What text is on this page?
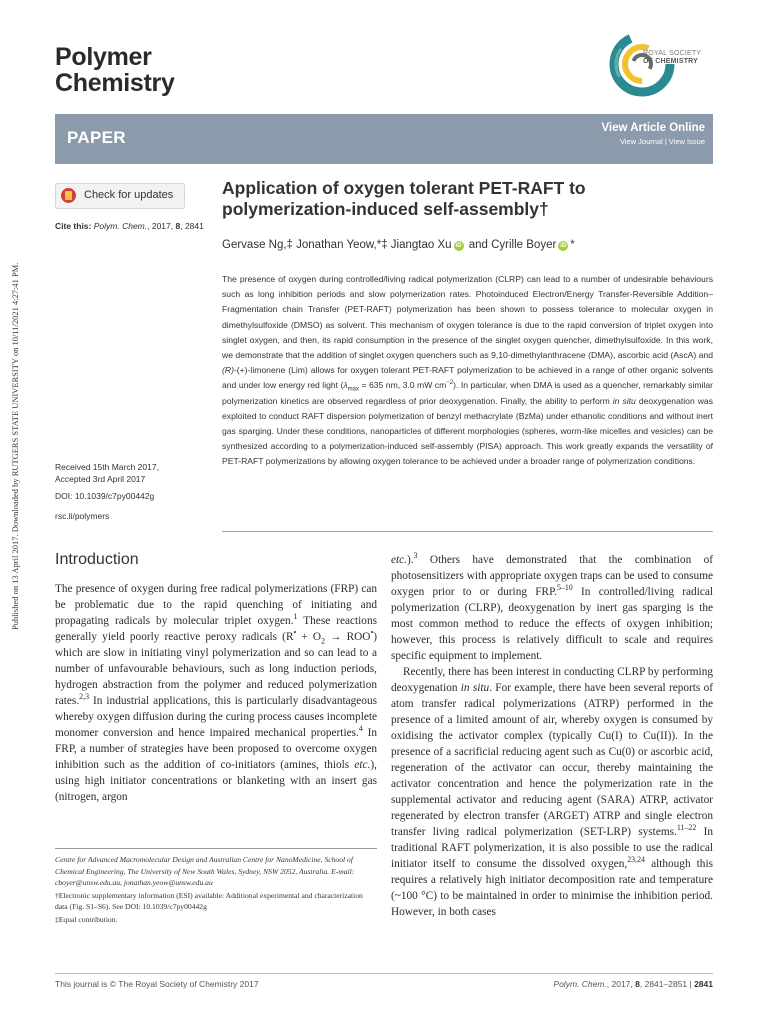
Published on 13 April 2017. Downloaded by RUTGERS STATE UNIVERSITY on 10/11/2021 4:27:41 PM.
Polymer
Chemistry
ROYAL SOCIETY
OF CHEMISTRY
PAPER	View Article Online
View Journal | View Issue
Check for updates
Cite this: Polym. Chem., 2017, 8, 2841
Received 15th March 2017,
Accepted 3rd April 2017
DOI: 10.1039/c7py00442g
rsc.li/polymers
Application of oxygen tolerant PET-RAFT to
polymerization-induced self-assembly†
Gervase Ng,‡ Jonathan Yeow,*‡ Jiangtao Xu iD and Cyrille Boyer iD *
The presence of oxygen during controlled/living radical polymerization (CLRP) can lead to a number of undesirable behaviours such as long inhibition periods and slow polymerization rates. Photoinduced Electron/Energy Transfer-Reversible Addition–Fragmentation chain Transfer (PET-RAFT) polymerization has been shown to possess tolerance to molecular oxygen in dimethylsulfoxide (DMSO) as solvent. This mechanism of oxygen tolerance is due to the rapid conversion of triplet oxygen into singlet oxygen, and then, its rapid consumption in the presence of the singlet oxygen quencher, dimethylsulfoxide. In this work, we demonstrate that the addition of singlet oxygen quenchers such as 9,10-dimethylanthracene (DMA), ascorbic acid (AscA) and (R)-(+)-limonene (Lim) allows for oxygen tolerant PET-RAFT polymerization to be achieved in a range of other organic solvents and under low energy red light ($\lambda_{max} = 635$ nm, 3.0 mW $cm^{-2}$). In particular, when DMA is used as a quencher, remarkably similar polymerization kinetics are observed regardless of prior deoxygenation. Finally, the ability to perform in situ deoxygenation was exploited to conduct RAFT dispersion polymerization of benzyl methacrylate (BzMa) under ethanolic conditions and without inert gas sparging. Under these conditions, nanoparticles of different morphologies (spheres, worm-like micelles and vesicles) can be synthesized according to a polymerization-induced self-assembly (PISA) approach. This work greatly expands the versatility of PET-RAFT polymerizations by allowing oxygen tolerance to be achieved under a broader range of polymerization conditions.
Introduction

The presence of oxygen during free radical polymerizations (FRP) can be problematic due to the rapid quenching of initiating and propagating radicals by molecular triplet oxygen.$^1$ These reactions generally yield poorly reactive peroxy radicals $(R^• + O_2 \to ROO^•)$ which are slow in initiating vinyl polymerization and so can lead to a number of unfavourable behaviours, such as long induction periods, hydrogen abstraction from the polymer and reduced polymerization rates.$^{2,3}$ In industrial applications, this is particularly disadvantageous whereby oxygen diffusion during the curing process causes incomplete monomer conversion and hence impaired mechanical properties.$^4$ In FRP, a number of strategies have been proposed to overcome oxygen inhibition such as the addition of co-initiators (amines, thiols etc.), using high initiator concentrations or blanketing with an insert gas (nitrogen, argon

etc.).$^3$ Others have demonstrated that the combination of photosensitizers with appropriate oxygen traps can be used to consume oxygen prior to or during FRP.$^{5-10}$ In controlled/living radical polymerization (CLRP), deoxygenation by inert gas sparging is the most common method to reduce the effects of oxygen inhibition; however, this process is relatively difficult to scale and requires specific equipment to implement.

Recently, there has been interest in conducting CLRP by performing deoxygenation in situ. For example, there have been several reports of atom transfer radical polymerizations (ATRP) performed in the presence of a limited amount of air, whereby oxygen is consumed by oxidising the activator complex (typically Cu(I) to Cu(II)). In the presence of a sacrificial reducing agent such as Cu(0) or ascorbic acid, regeneration of the activator can occur, thereby maintaining the activator concentration and hence the polymerization rate in the supplemental activator and reducing agent (SARA) ATRP, activator regenerated by electron transfer (ARGET) ATRP and single electron transfer living radical polymerization (SET-LRP) systems.$^{11-22}$ In traditional RAFT polymerization, it is also possible to use the radical initiator itself to consume the dissolved oxygen,$^{23,24}$ although this requires a relatively high initiator decomposition rate and temperature (~100 °C) to be maintained in order to minimise the inhibition period. However, in both cases

Centre for Advanced Macromolecular Design and Australian Centre for NanoMedicine, School of Chemical Engineering, The University of New South Wales, Sydney, NSW 2052, Australia. E-mail: cboyer@unsw.edu.au, jonathan.yeow@unsw.edu.au

†Electronic supplementary information (ESI) available: Additional experimental and characterization data (Fig. S1–S6). See DOI: 10.1039/c7py00442g

‡Equal contribution.

This journal is © The Royal Society of Chemistry 2017	Polym. Chem., 2017, 8, 2841–2851 | 2841
